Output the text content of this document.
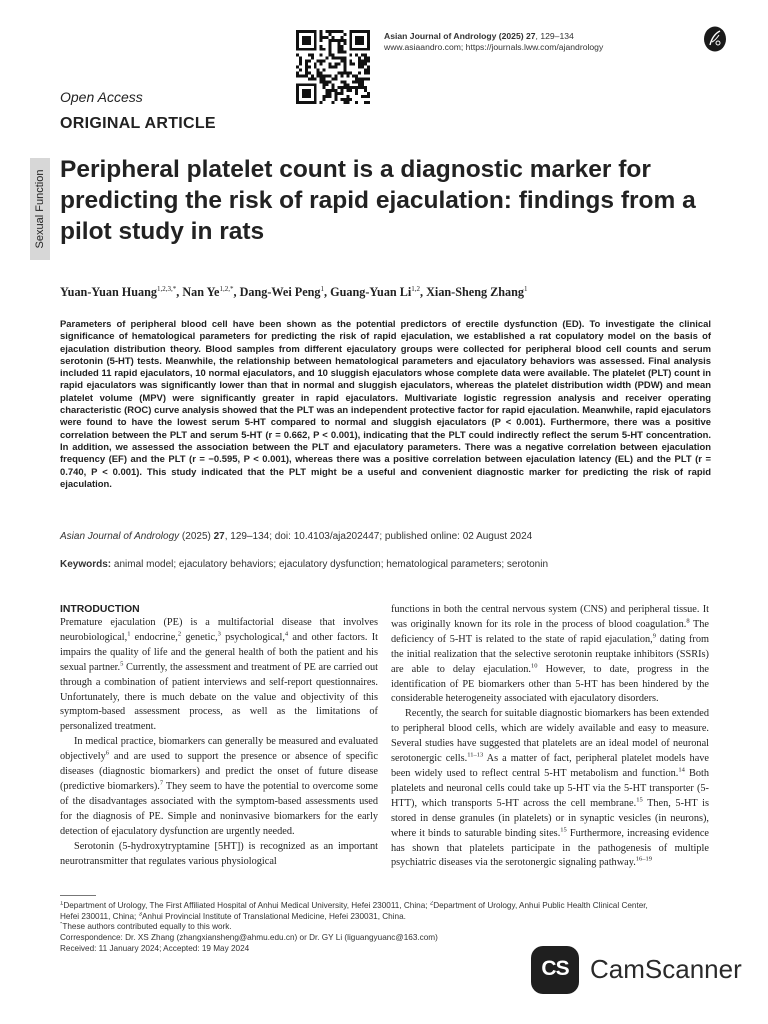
Asian Journal of Andrology (2025) 27, 129–134
www.asiaandro.com; https://journals.lww.com/ajandrology
Open Access
ORIGINAL ARTICLE
Sexual Function
Peripheral platelet count is a diagnostic marker for predicting the risk of rapid ejaculation: findings from a pilot study in rats
Yuan-Yuan Huang$^{1,2,3,*}$, Nan $Ye^{1,2,*}$, Dang-Wei Peng$^1$, Guang-Yuan Li$^{1,2}$, Xian-Sheng Zhang$^1$

Parameters of peripheral blood cell have been shown as the potential predictors of erectile dysfunction (ED). To investigate the clinical significance of hematological parameters for predicting the risk of rapid ejaculation, we established a rat copulatory model on the basis of ejaculation distribution theory. Blood samples from different ejaculatory groups were collected for peripheral blood cell counts and serum serotonin (5-HT) tests. Meanwhile, the relationship between hematological parameters and ejaculatory behaviors was assessed. Final analysis included 11 rapid ejaculators, 10 normal ejaculators, and 10 sluggish ejaculators whose complete data were available. The platelet (PLT) count in rapid ejaculators was significantly lower than that in normal and sluggish ejaculators, whereas the platelet distribution width (PDW) and mean platelet volume (MPV) were significantly greater in rapid ejaculators. Multivariate logistic regression analysis and receiver operating characteristic (ROC) curve analysis showed that the PLT was an independent protective factor for rapid ejaculation. Meanwhile, rapid ejaculators were found to have the lowest serum 5-HT compared to normal and sluggish ejaculators (P < 0.001). Furthermore, there was a positive correlation between the PLT and serum 5-HT (r = 0.662, P < 0.001), indicating that the PLT could indirectly reflect the serum 5-HT concentration. In addition, we assessed the association between the PLT and ejaculatory parameters. There was a negative correlation between ejaculation frequency (EF) and the PLT (r = −0.595, P < 0.001), whereas there was a positive correlation between ejaculation latency (EL) and the PLT (r = 0.740, P < 0.001). This study indicated that the PLT might be a useful and convenient diagnostic marker for predicting the risk of rapid ejaculation.

Asian Journal of Andrology (2025) 27, 129–134; doi: 10.4103/aja202447; published online: 02 August 2024
Keywords: animal model; ejaculatory behaviors; ejaculatory dysfunction; hematological parameters; serotonin
INTRODUCTION

Premature ejaculation (PE) is a multifactorial disease that involves neurobiological,$^1$ endocrine,$^2$ genetic,$^3$ psychological,$^4$ and other factors. It impairs the quality of life and the general health of both the patient and his sexual partner.$^5$ Currently, the assessment and treatment of PE are carried out through a combination of patient interviews and self-report questionnaires. Unfortunately, there is much debate on the value and objectivity of this symptom-based assessment process, as well as the limitations of personalized treatment.

In medical practice, biomarkers can generally be measured and evaluated objectively$^6$ and are used to support the presence or absence of specific diseases (diagnostic biomarkers) and predict the onset of future disease (predictive biomarkers).$^7$ They seem to have the potential to overcome some of the disadvantages associated with the symptom-based assessments used for the diagnosis of PE. Simple and noninvasive biomarkers for the early detection of ejaculatory dysfunction are urgently needed.

Serotonin (5-hydroxytryptamine [5HT]) is recognized as an important neurotransmitter that regulates various physiological

functions in both the central nervous system (CNS) and peripheral tissue. It was originally known for its role in the process of blood coagulation.$^8$ The deficiency of 5-HT is related to the state of rapid ejaculation,$^9$ dating from the initial realization that the selective serotonin reuptake inhibitors (SSRIs) are able to delay ejaculation.$^{10}$ However, to date, progress in the identification of PE biomarkers other than 5-HT has been hindered by the considerable heterogeneity associated with ejaculatory disorders.

Recently, the search for suitable diagnostic biomarkers has been extended to peripheral blood cells, which are widely available and easy to measure. Several studies have suggested that platelets are an ideal model of neuronal serotonergic cells.$^{11-13}$ As a matter of fact, peripheral platelet models have been widely used to reflect central 5-HT metabolism and function.$^{14}$ Both platelets and neuronal cells could take up 5-HT via the 5-HT transporter (5-HTT), which transports 5-HT across the cell membrane.$^{15}$ Then, 5-HT is stored in dense granules (in platelets) or in synaptic vesicles (in neurons), where it binds to saturable binding sites.$^{15}$ Furthermore, increasing evidence has shown that platelets participate in the pathogenesis of multiple psychiatric diseases via the serotonergic signaling pathway.$^{16-19}$

$^1$Department of Urology, The First Affiliated Hospital of Anhui Medical University, Hefei 230011, China; $^2$Department of Urology, Anhui Public Health Clinical Center,
Hefei 230011, China; $^3$Anhui Provincial Institute of Translational Medicine, Hefei 230031, China.
*These authors contributed equally to this work.
Correspondence: Dr. XS Zhang (zhangxiansheng@ahmu.edu.cn) or Dr. GY Li (liguangyuanc@163.com)
Received: 11 January 2024; Accepted: 19 May 2024
CS CamScanner
